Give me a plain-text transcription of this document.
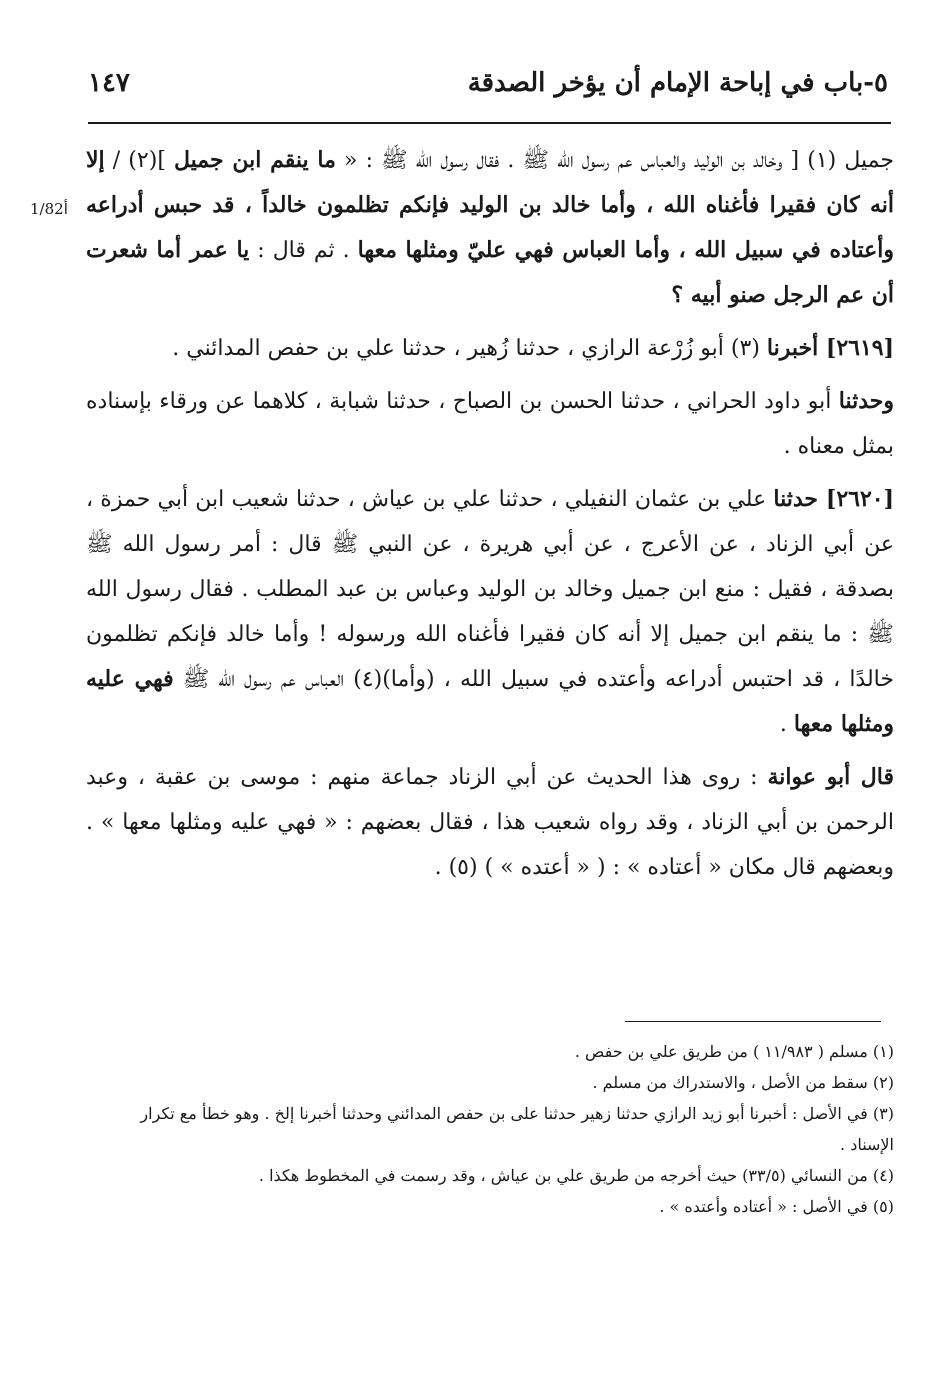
٥-باب في إباحة الإمام أن يؤخر الصدقة
١٤٧
1/82أ

جميل (١) [ وخالد بن الوليد والعباس عم رسول الله ﷺ . فقال رسول الله ﷺ : « ما ينقم ابن جميل ](٢) / إلا أنه كان فقيرا فأغناه الله ، وأما خالد بن الوليد فإنكم تظلمون خالداً ، قد حبس أدراعه وأعتاده في سبيل الله ، وأما العباس فهي عليّ ومثلها معها . ثم قال : يا عمر أما شعرت أن عم الرجل صنو أبيه ؟

[٢٦١٩] أخبرنا (٣) أبو زُرْعة الرازي ، حدثنا زُهير ، حدثنا علي بن حفص المدائني .

وحدثنا أبو داود الحراني ، حدثنا الحسن بن الصباح ، حدثنا شبابة ، كلاهما عن ورقاء بإسناده بمثل معناه .

[٢٦٢٠] حدثنا علي بن عثمان النفيلي ، حدثنا علي بن عياش ، حدثنا شعيب ابن أبي حمزة ، عن أبي الزناد ، عن الأعرج ، عن أبي هريرة ، عن النبي ﷺ قال : أمر رسول الله ﷺ بصدقة ، فقيل : منع ابن جميل وخالد بن الوليد وعباس بن عبد المطلب . فقال رسول الله ﷺ : ما ينقم ابن جميل إلا أنه كان فقيرا فأغناه الله ورسوله ! وأما خالد فإنكم تظلمون خالدًا ، قد احتبس أدراعه وأعتده في سبيل الله ، (وأما)(٤) العباس عم رسول الله ﷺ فهي عليه ومثلها معها .

قال أبو عوانة : روى هذا الحديث عن أبي الزناد جماعة منهم : موسى بن عقبة ، وعبد الرحمن بن أبي الزناد ، وقد رواه شعيب هذا ، فقال بعضهم : « فهي عليه ومثلها معها » . وبعضهم قال مكان « أعتاده » : ( « أعتده » ) (٥) .

(١) مسلم ( ١١/٩٨٣ ) من طريق علي بن حفص .

(٢) سقط من الأصل ، والاستدراك من مسلم .

(٣) في الأصل : أخبرنا أبو زيد الرازي حدثنا زهير حدثنا على بن حفص المدائني وحدثنا أخبرنا إلخ . وهو خطأ مع تكرار الإسناد .

(٤) من النسائي (٣٣/٥) حيث أخرجه من طريق علي بن عياش ، وقد رسمت في المخطوط هكذا .

(٥) في الأصل : « أعتاده وأعتده » .
